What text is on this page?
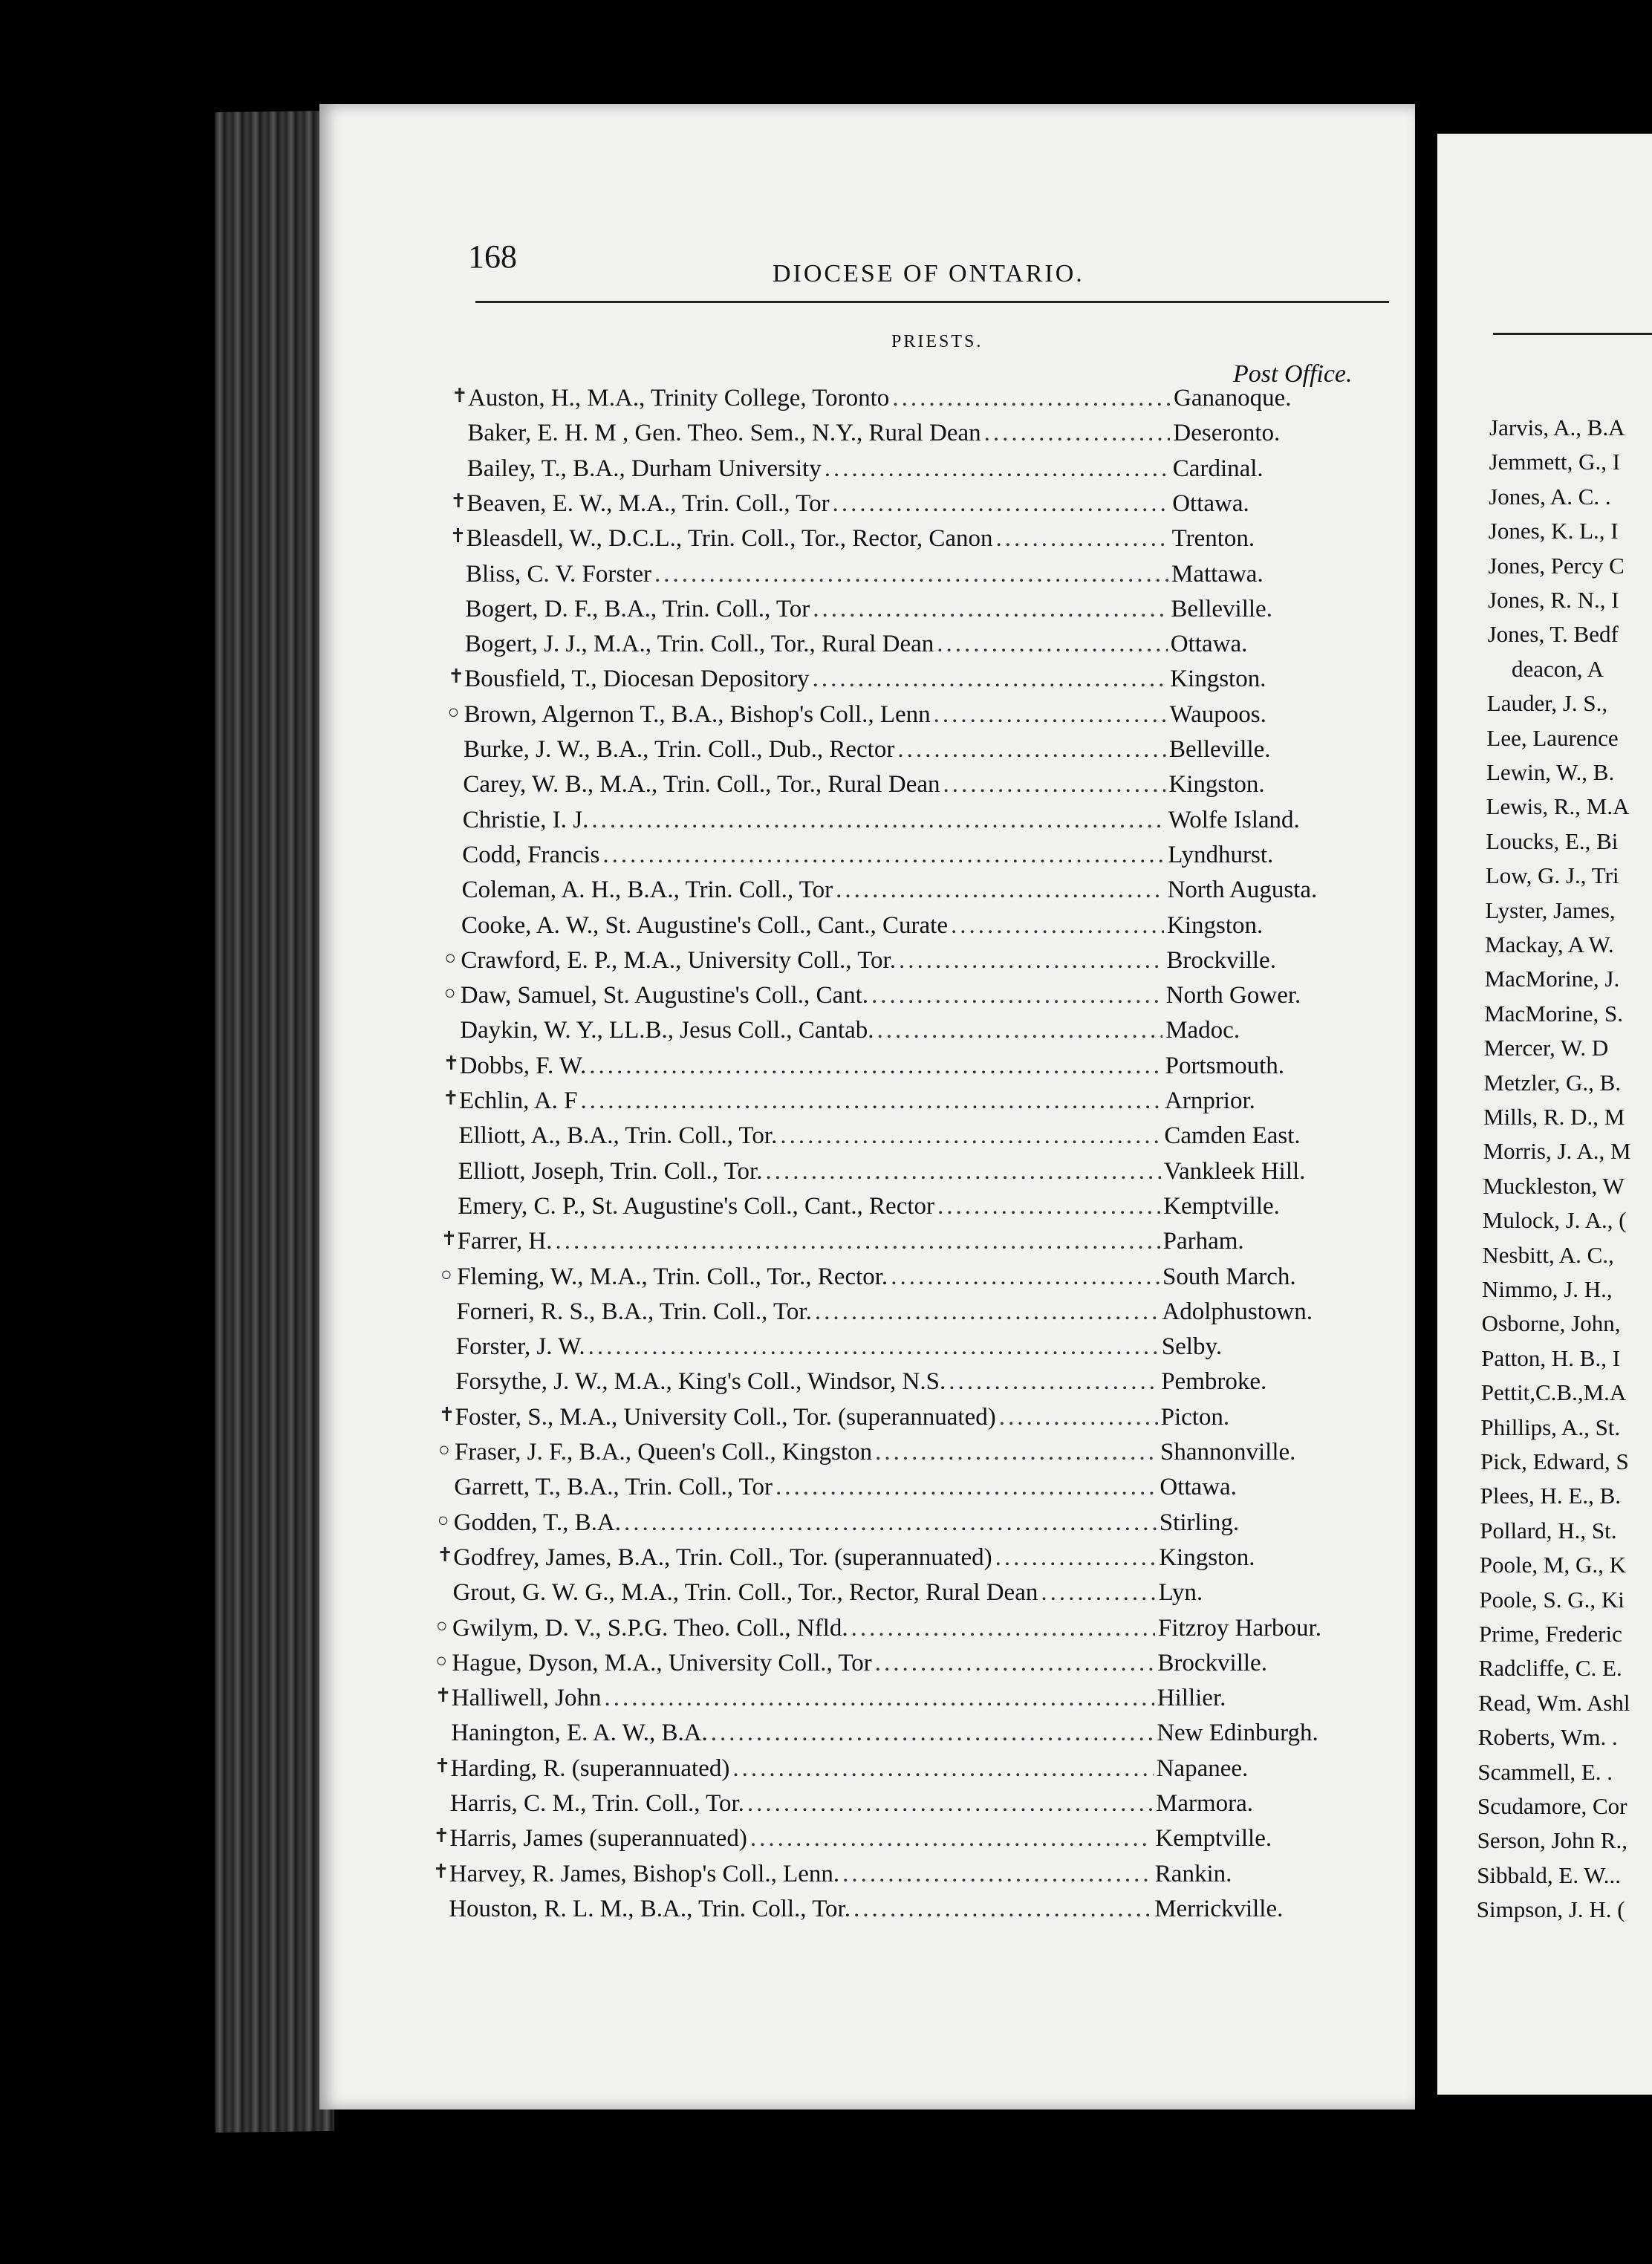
168	DIOCESE OF ONTARIO.
PRIESTS.
Post Office.
✝ Auston, H., M.A., Trinity College, Toronto .....	Gananoque.
Baker, E. H. M , Gen. Theo. Sem., N.Y., Rural Dean .....	Deseronto.
Bailey, T., B.A., Durham University .....	Cardinal.
✝ Beaven, E. W., M.A., Trin. Coll., Tor .....	Ottawa.
✝ Bleasdell, W., D.C.L., Trin. Coll., Tor., Rector, Canon .....	Trenton.
Bliss, C. V. Forster .....	Mattawa.
Bogert, D. F., B.A., Trin. Coll., Tor .....	Belleville.
Bogert, J. J., M.A., Trin. Coll., Tor., Rural Dean .....	Ottawa.
✝ Bousfield, T., Diocesan Depository .....	Kingston.
○ Brown, Algernon T., B.A., Bishop's Coll., Lenn .....	Waupoos.
Burke, J. W., B.A., Trin. Coll., Dub., Rector .....	Belleville.
Carey, W. B., M.A., Trin. Coll., Tor., Rural Dean .....	Kingston.
Christie, I. J. .....	Wolfe Island.
Codd, Francis .....	Lyndhurst.
Coleman, A. H., B.A., Trin. Coll., Tor .....	North Augusta.
Cooke, A. W., St. Augustine's Coll., Cant., Curate .....	Kingston.
○ Crawford, E. P., M.A., University Coll., Tor. .....	Brockville.
○ Daw, Samuel, St. Augustine's Coll., Cant. .....	North Gower.
Daykin, W. Y., LL.B., Jesus Coll., Cantab. .....	Madoc.
✝ Dobbs, F. W. .....	Portsmouth.
✝ Echlin, A. F .....	Arnprior.
Elliott, A., B.A., Trin. Coll., Tor. .....	Camden East.
Elliott, Joseph, Trin. Coll., Tor. .....	Vankleek Hill.
Emery, C. P., St. Augustine's Coll., Cant., Rector .....	Kemptville.
✝ Farrer, H. .....	Parham.
○ Fleming, W., M.A., Trin. Coll., Tor., Rector. .....	South March.
Forneri, R. S., B.A., Trin. Coll., Tor. .....	Adolphustown.
Forster, J. W. .....	Selby.
Forsythe, J. W., M.A., King's Coll., Windsor, N.S. .....	Pembroke.
✝ Foster, S., M.A., University Coll., Tor. (superannuated) .....	Picton.
○ Fraser, J. F., B.A., Queen's Coll., Kingston .....	Shannonville.
Garrett, T., B.A., Trin. Coll., Tor .....	Ottawa.
○ Godden, T., B.A. .....	Stirling.
✝ Godfrey, James, B.A., Trin. Coll., Tor. (superannuated) .....	Kingston.
Grout, G. W. G., M.A., Trin. Coll., Tor., Rector, Rural Dean .....	Lyn.
○ Gwilym, D. V., S.P.G. Theo. Coll., Nfld. .....	Fitzroy Harbour.
○ Hague, Dyson, M.A., University Coll., Tor .....	Brockville.
✝ Halliwell, John .....	Hillier.
Hanington, E. A. W., B.A. .....	New Edinburgh.
✝ Harding, R. (superannuated) .....	Napanee.
Harris, C. M., Trin. Coll., Tor. .....	Marmora.
✝ Harris, James (superannuated) .....	Kemptville.
✝ Harvey, R. James, Bishop's Coll., Lenn. .....	Rankin.
Houston, R. L. M., B.A., Trin. Coll., Tor. .....	Merrickville.
Jarvis, A., B.A
Jemmett, G., I
Jones, A. C. .
Jones, K. L., I
Jones, Percy C
Jones, R. N., I
Jones, T. Bedf
deacon, A
Lauder, J. S.,
Lee, Laurence
Lewin, W., B.
Lewis, R., M.A
Loucks, E., Bi
Low, G. J., Tri
Lyster, James,
Mackay, A W.
MacMorine, J.
MacMorine, S.
Mercer, W. D
Metzler, G., B.
Mills, R. D., M
Morris, J. A., M
Muckleston, W
Mulock, J. A., (
Nesbitt, A. C.,
Nimmo, J. H.,
Osborne, John,
Patton, H. B., I
Pettit,C.B.,M.A
Phillips, A., St.
Pick, Edward, S
Plees, H. E., B.
Pollard, H., St.
Poole, M, G., K
Poole, S. G., Ki
Prime, Frederic
Radcliffe, C. E.
Read, Wm. Ashl
Roberts, Wm. .
Scammell, E. .
Scudamore, Cor
Serson, John R.,
Sibbald, E. W...
Simpson, J. H. (
